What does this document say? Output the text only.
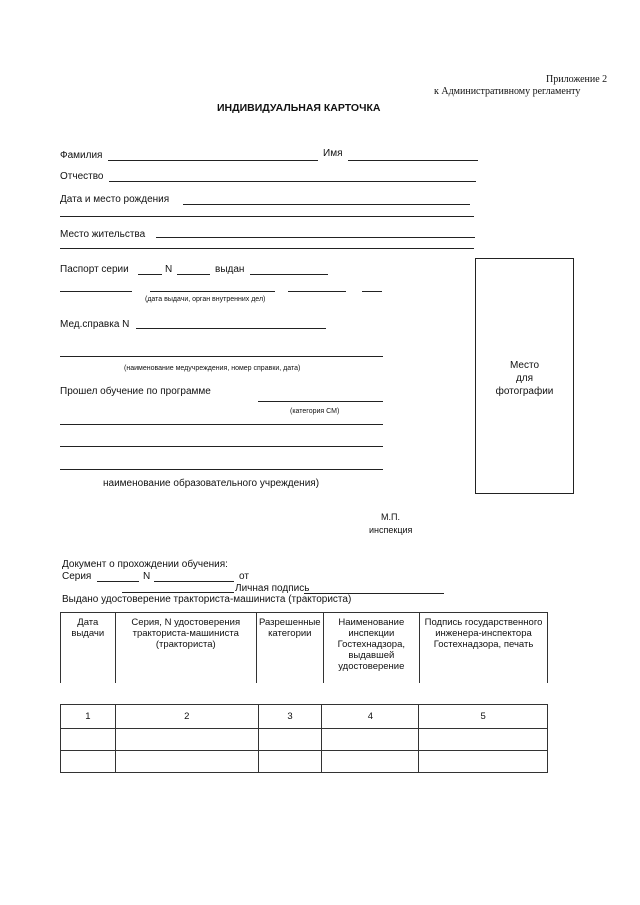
Приложение 2
к Административному регламенту
ИНДИВИДУАЛЬНАЯ КАРТОЧКА
Фамилия	Имя
Отчество
Дата и место рождения
Место жительства
Паспорт серии	N	выдан
(дата выдачи, орган внутренних дел)
Мед.справка N
(наименование медучреждения, номер справки, дата)
Прошел обучение по программе
(категория СМ)
наименование образовательного учреждения)
Место
для
фотографии
М.П.
инспекция
Документ о прохождении обучения:
Серия	N	от
Личная подпись
Выдано удостоверение тракториста-машиниста (тракториста)
Дата выдачи	Серия, N удостоверения тракториста-машиниста (тракториста)	Разрешенные категории	Наименование инспекции Гостехнадзора, выдавшей удостоверение	Подпись государственного инженера-инспектора Гостехнадзора, печать
1	2	3	4	5
